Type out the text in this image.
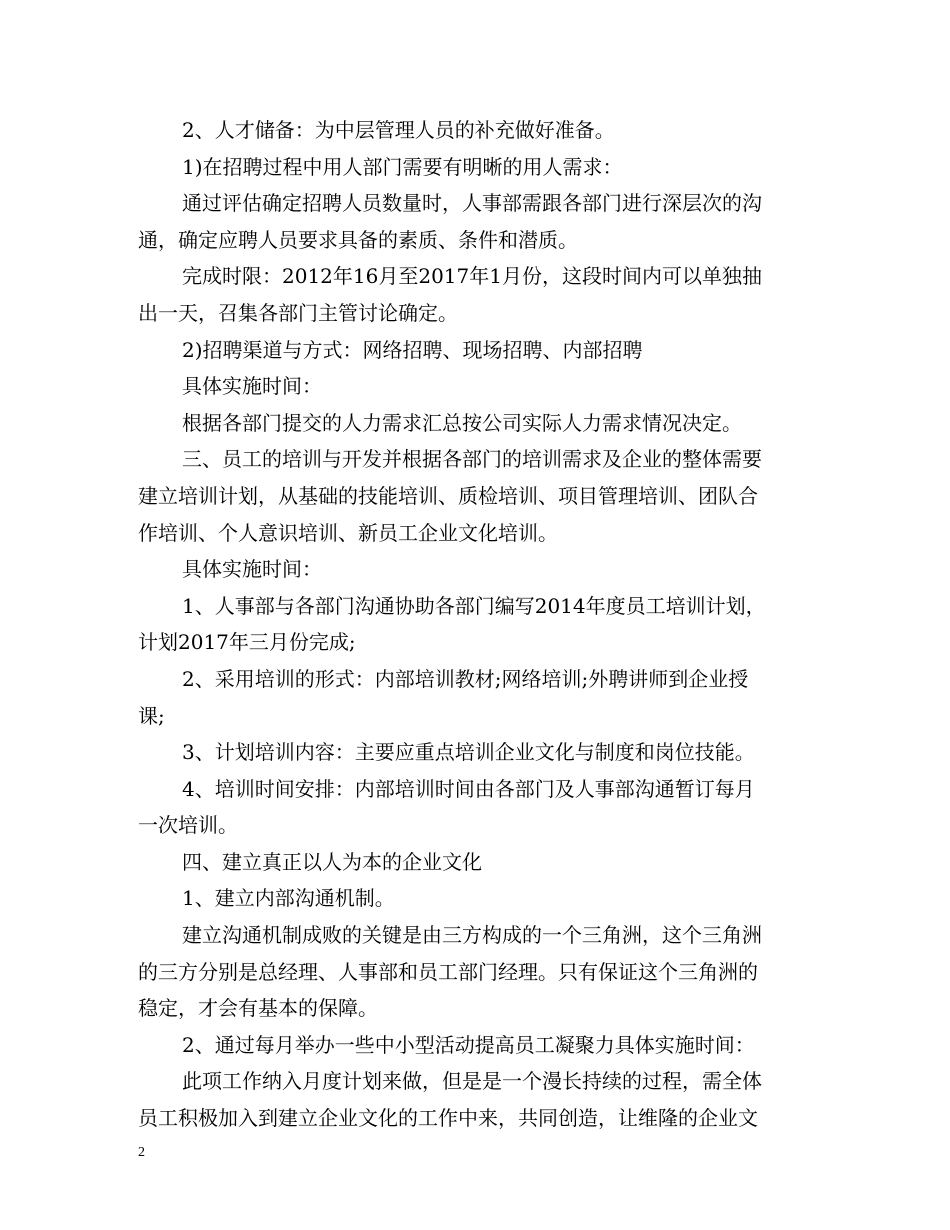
2、人才储备：为中层管理人员的补充做好准备。
1)在招聘过程中用人部门需要有明晰的用人需求：
通过评估确定招聘人员数量时，人事部需跟各部门进行深层次的沟
通，确定应聘人员要求具备的素质、条件和潜质。
完成时限：2012年16月至2017年1月份，这段时间内可以单独抽
出一天，召集各部门主管讨论确定。
2)招聘渠道与方式：网络招聘、现场招聘、内部招聘
具体实施时间：
根据各部门提交的人力需求汇总按公司实际人力需求情况决定。
三、员工的培训与开发并根据各部门的培训需求及企业的整体需要
建立培训计划，从基础的技能培训、质检培训、项目管理培训、团队合
作培训、个人意识培训、新员工企业文化培训。
具体实施时间：
1、人事部与各部门沟通协助各部门编写2014年度员工培训计划，
计划2017年三月份完成;
2、采用培训的形式：内部培训教材;网络培训;外聘讲师到企业授
课;
3、计划培训内容：主要应重点培训企业文化与制度和岗位技能。
4、培训时间安排：内部培训时间由各部门及人事部沟通暂订每月
一次培训。
四、建立真正以人为本的企业文化
1、建立内部沟通机制。
建立沟通机制成败的关键是由三方构成的一个三角洲，这个三角洲
的三方分别是总经理、人事部和员工部门经理。只有保证这个三角洲的
稳定，才会有基本的保障。
2、通过每月举办一些中小型活动提高员工凝聚力具体实施时间：
此项工作纳入月度计划来做，但是是一个漫长持续的过程，需全体
员工积极加入到建立企业文化的工作中来，共同创造，让维隆的企业文
2
